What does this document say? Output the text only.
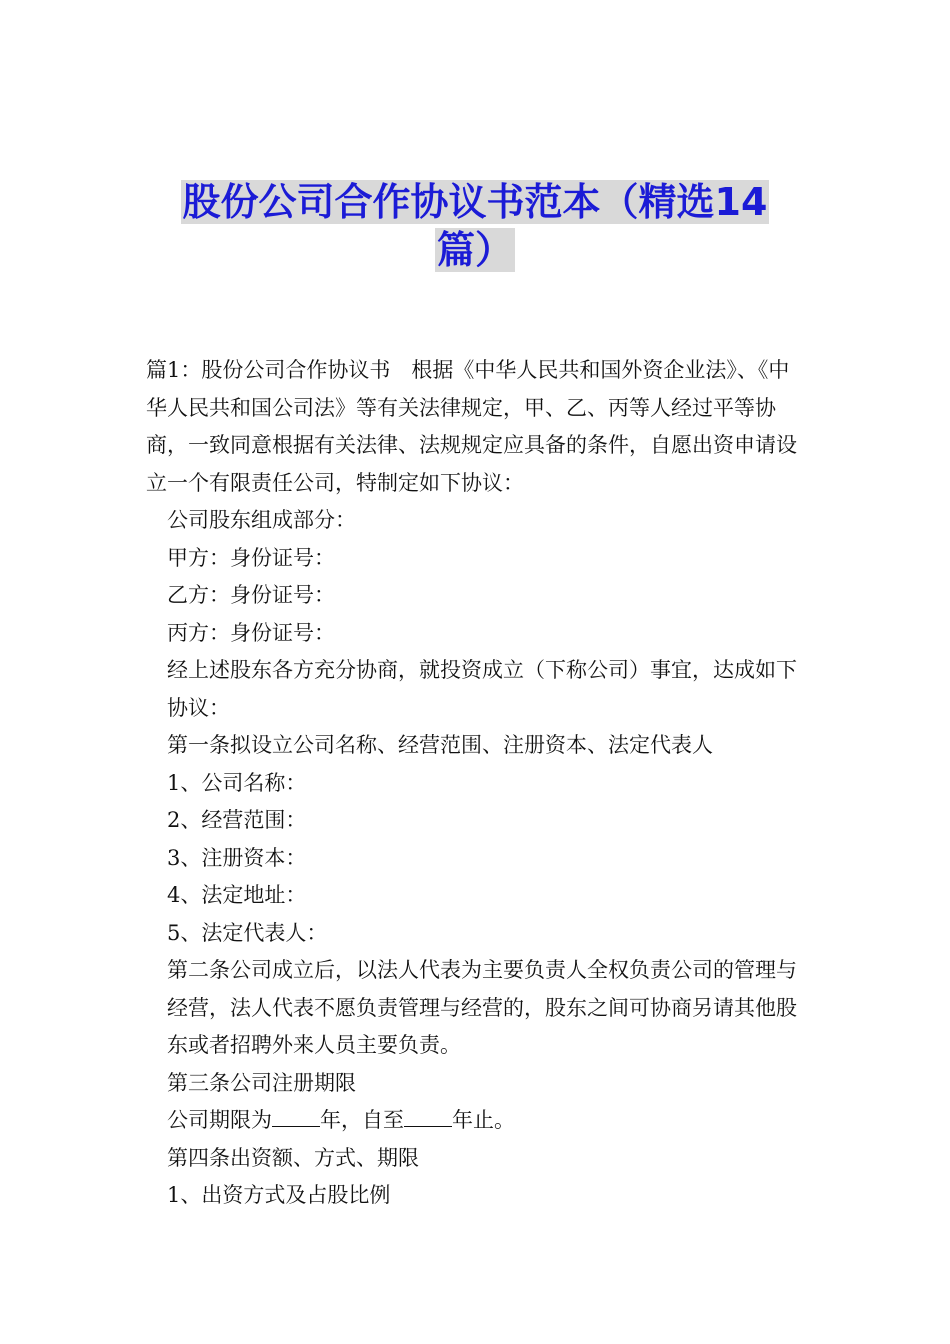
股份公司合作协议书范本（精选14
篇）

篇1：股份公司合作协议书　根据《中华人民共和国外资企业法》、《中华人民共和国公司法》等有关法律规定，甲、乙、丙等人经过平等协商，一致同意根据有关法律、法规规定应具备的条件，自愿出资申请设立一个有限责任公司，特制定如下协议：

公司股东组成部分：

甲方：身份证号：

乙方：身份证号：

丙方：身份证号：

经上述股东各方充分协商，就投资成立（下称公司）事宜，达成如下协议：

第一条拟设立公司名称、经营范围、注册资本、法定代表人

1、公司名称：

2、经营范围：

3、注册资本：

4、法定地址：

5、法定代表人：

第二条公司成立后，以法人代表为主要负责人全权负责公司的管理与经营，法人代表不愿负责管理与经营的，股东之间可协商另请其他股东或者招聘外来人员主要负责。

第三条公司注册期限

公司期限为 年，自至 年止。

第四条出资额、方式、期限

1、出资方式及占股比例
